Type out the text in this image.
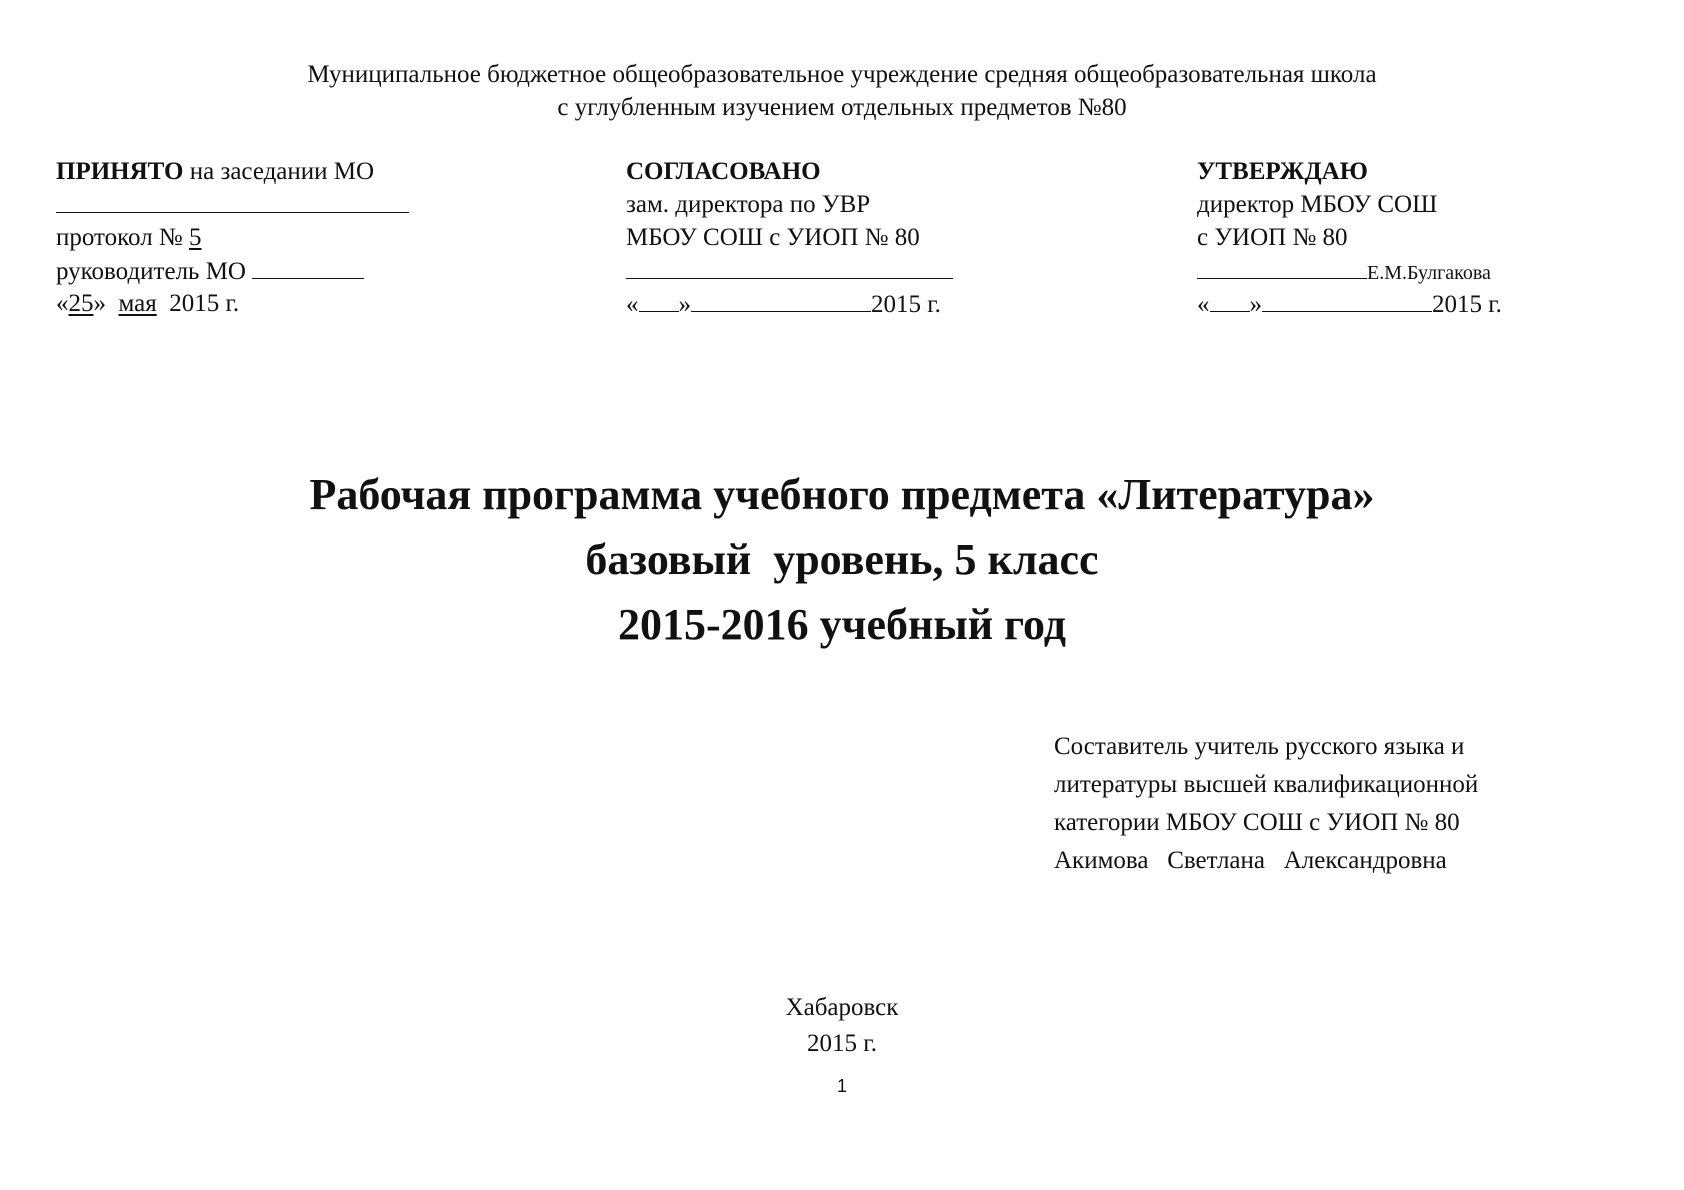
Муниципальное бюджетное общеобразовательное учреждение средняя общеобразовательная школа
с углубленным изучением отдельных предметов №80
ПРИНЯТО на заседании МО
протокол № 5
руководитель МО
«25»  мая  2015 г.
СОГЛАСОВАНО
зам. директора по УВР
МБОУ СОШ с УИОП № 80
« »	2015 г.
УТВЕРЖДАЮ
директор МБОУ СОШ
с УИОП № 80
Е.М.Булгакова
« »	2015 г.
Рабочая программа учебного предмета «Литература»
базовый  уровень, 5 класс
2015-2016 учебный год
Составитель учитель русского языка и
литературы высшей квалификационной
категории МБОУ СОШ с УИОП № 80
Акимова   Светлана   Александровна
Хабаровск
2015 г.
1
